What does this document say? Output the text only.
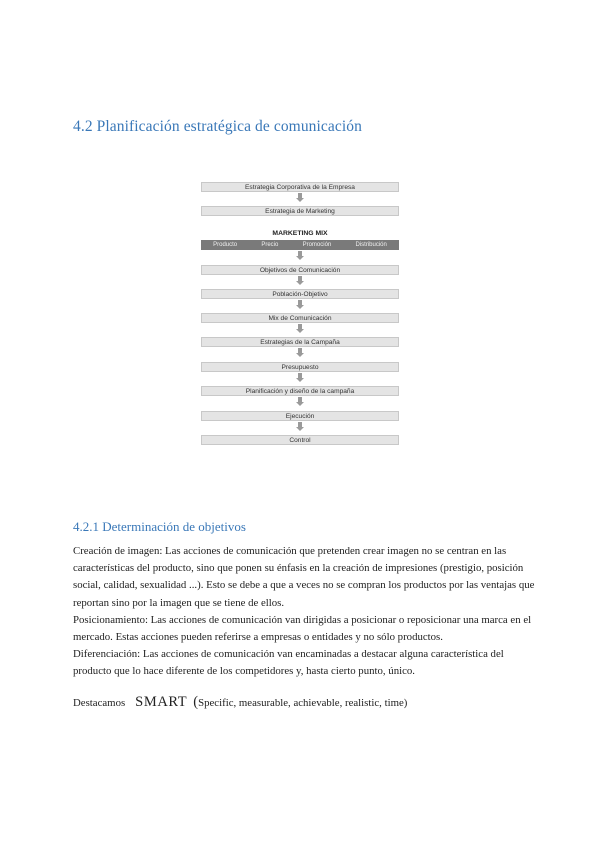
4.2 Planificación estratégica de comunicación
Estrategia Corporativa de la Empresa
Estrategia de Marketing
MARKETING MIX
Producto	Precio	Promoción	Distribución
Objetivos de Comunicación
Población-Objetivo
Mix de Comunicación
Estrategias de la Campaña
Presupuesto
Planificación y diseño de la campaña
Ejecución
Control
4.2.1 Determinación de objetivos

Creación de imagen: Las acciones de comunicación que pretenden crear imagen no se centran en las características del producto, sino que ponen su énfasis en la creación de impresiones (prestigio, posición social, calidad, sexualidad ...). Esto se debe a que a veces no se compran los productos por las ventajas que reportan sino por la imagen que se tiene de ellos.

Posicionamiento: Las acciones de comunicación van dirigidas a posicionar o reposicionar una marca en el mercado. Estas acciones pueden referirse a empresas o entidades y no sólo productos.

Diferenciación: Las acciones de comunicación van encaminadas a destacar alguna característica del producto que lo hace diferente de los competidores y, hasta cierto punto, único.

Destacamos SMART (Specific, measurable, achievable, realistic, time)
